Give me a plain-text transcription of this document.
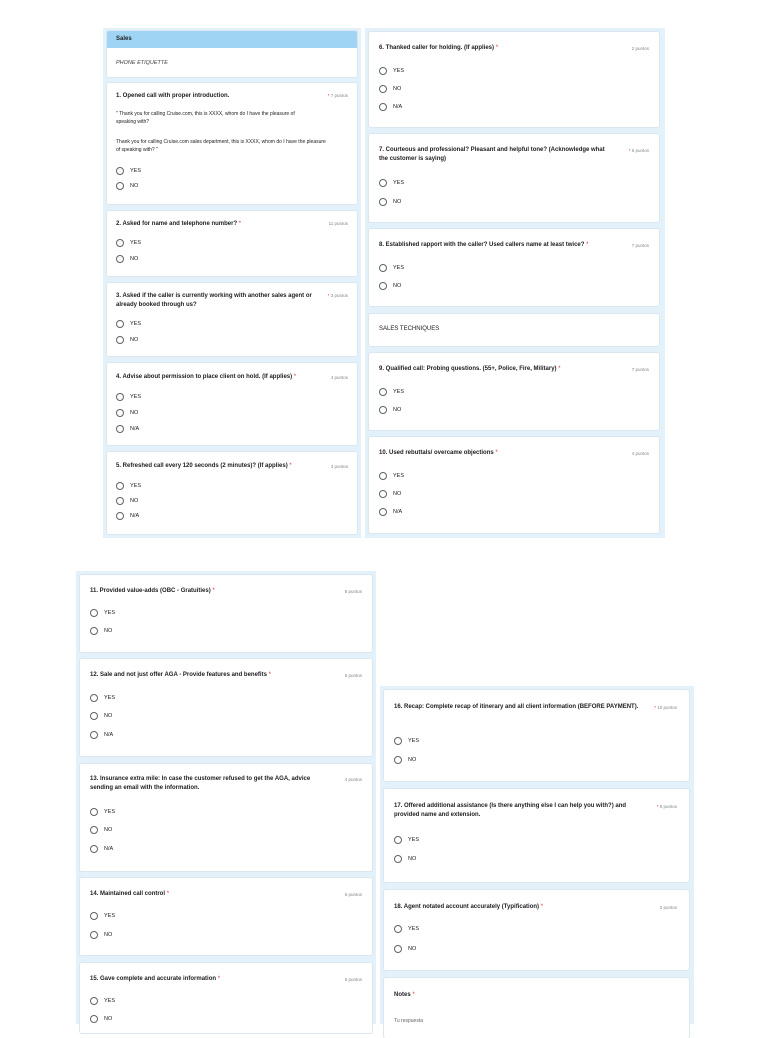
Sales
PHONE ETIQUETTE
1. Opened call with proper introduction.	* 7 puntos
" Thank you for calling Cruise.com, this is XXXX, whom do I have the pleasure of speaking with?
Thank you for calling Cruise.com sales department, this is XXXX, whom do I have the pleasure of speaking with? "
YES
NO
2. Asked for name and telephone number? *	11 puntos
YES
NO
3. Asked if the caller is currently working with another sales agent or already booked through us?
* 3 puntos
YES
NO
4. Advise about permission to place client on hold. (If applies) *	4 puntos
YES
NO
N/A
5. Refreshed call every 120 seconds (2 minutes)? (If applies) *	3 puntos
YES
NO
N/A
6. Thanked caller for holding. (If applies) *	2 puntos
YES
NO
N/A
7. Courteous and professional? Pleasant and helpful tone? (Acknowledge what the customer is saying)
* 6 puntos
YES
NO
8. Established rapport with the caller? Used callers name at least twice? *	7 puntos
YES
NO
SALES TECHNIQUES
9. Qualified call: Probing questions. (55+, Police, Fire, Military) *	7 puntos
YES
NO
10. Used rebuttals/ overcame objections *	4 puntos
YES
NO
N/A
11. Provided value-adds (OBC - Gratuities) *	8 puntos
YES
NO
12. Sale and not just offer AGA - Provide features and benefits *	5 puntos
YES
NO
N/A
13. Insurance extra mile: In case the customer refused to get the AGA, advice sending an email with the information.
4 puntos
YES
NO
N/A
14. Maintained call control *	5 puntos
YES
NO
15. Gave complete and accurate information *	5 puntos
YES
NO
16. Recap: Complete recap of itinerary and all client information (BEFORE PAYMENT).	* 10 puntos
YES
NO
17. Offered additional assistance (Is there anything else I can help you with?) and provided name and extension.
* 9 puntos
YES
NO
18. Agent notated account accurately (Typification) *	2 puntos
YES
NO
Notes *
Tu respuesta
